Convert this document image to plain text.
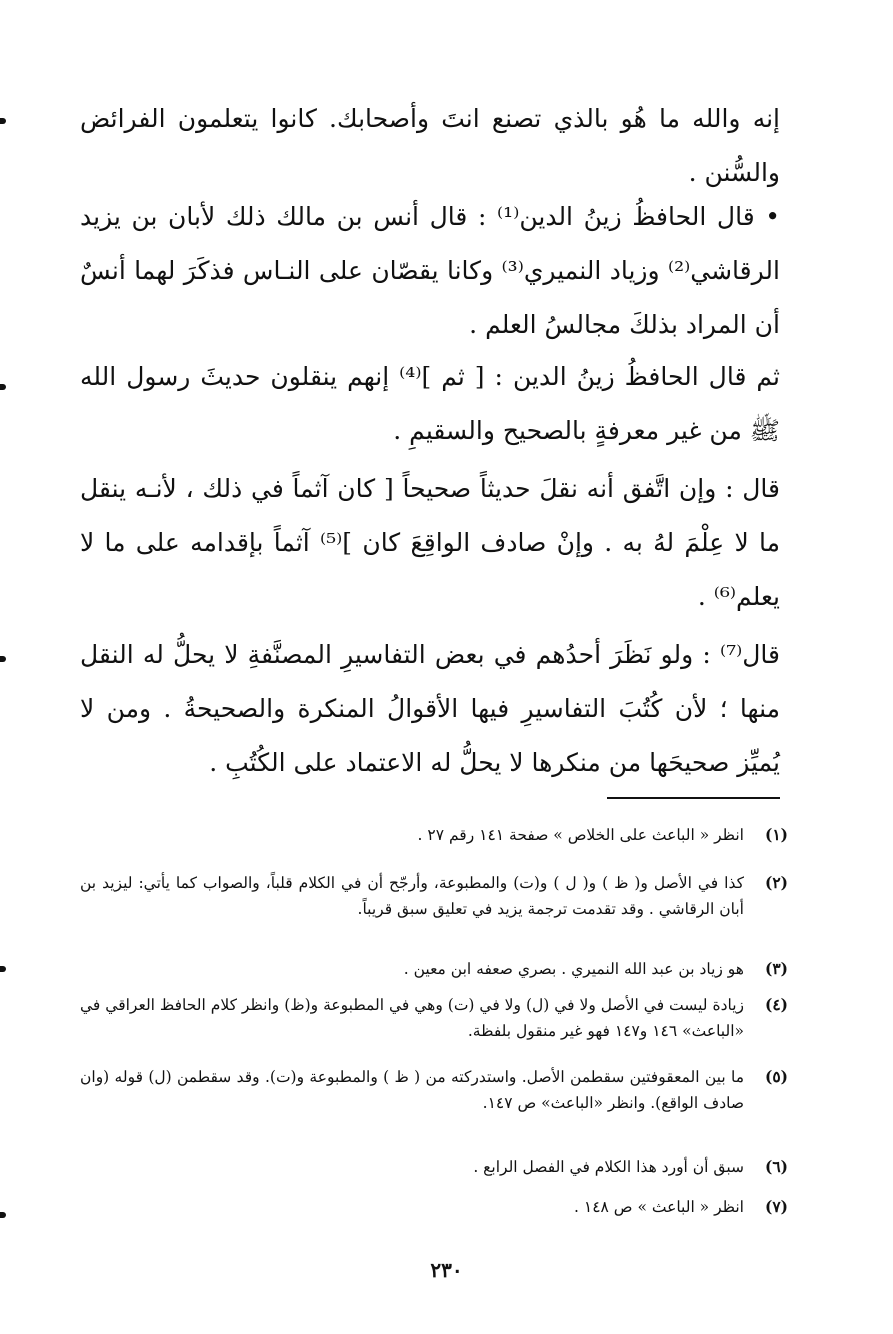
إنه والله ما هُو بالذي تصنع انتَ وأصحابك. كانوا يتعلمون الفرائض والسُّنن .

• قال الحافظُ زينُ الدين⁽¹⁾ : قال أنس بن مالك ذلك لأبان بن يزيد الرقاشي⁽²⁾ وزياد النميري⁽³⁾ وكانا يقصّان على النـاس فذكَرَ لهما أنسٌ أن المراد بذلكَ مجالسُ العلم .

ثم قال الحافظُ زينُ الدين : [ ثم ]⁽⁴⁾ إنهم ينقلون حديثَ رسول الله ﷺ من غير معرفةٍ بالصحيح والسقيمِ .

قال : وإن اتَّفق أنه نقلَ حديثاً صحيحاً [ كان آثماً في ذلك ، لأنـه ينقل ما لا عِلْمَ لهُ به . وإنْ صادف الواقِعَ كان ]⁽⁵⁾ آثماً بإقدامه على ما لا يعلم⁽⁶⁾ .

قال⁽⁷⁾ : ولو نَظَرَ أحدُهم في بعض التفاسيرِ المصنَّفةِ لا يحلُّ له النقل منها ؛ لأن كُتُبَ التفاسيرِ فيها الأقوالُ المنكرة والصحيحةُ . ومن لا يُميِّز صحيحَها من منكرها لا يحلُّ له الاعتماد على الكُتُبِ .

(١)
انظر « الباعث على الخلاص » صفحة ١٤١ رقم ٢٧ .
(٢)
كذا في الأصل و( ظ ) و( ل ) و(ت) والمطبوعة، وأرجّح أن في الكلام قلباً، والصواب كما يأتي: ليزيد بن أبان الرقاشي . وقد تقدمت ترجمة يزيد في تعليق سبق قريباً.
(٣)
هو زياد بن عبد الله النميري . بصري صعفه ابن معين .
(٤)
زيادة ليست في الأصل ولا في (ل) ولا في (ت) وهي في المطبوعة و(ظ) وانظر كلام الحافظ العراقي في «الباعث» ١٤٦ و١٤٧ فهو غير منقول بلفظة.
(٥)
ما بين المعقوفتين سقطمن الأصل. واستدركته من ( ظ ) والمطبوعة و(ت). وقد سقطمن (ل) قوله (وان صادف الواقع). وانظر «الباعث» ص ١٤٧.
(٦)
سبق أن أورد هذا الكلام في الفصل الرابع .
(٧)
انظر « الباعث » ص ١٤٨ .
٢٣٠
